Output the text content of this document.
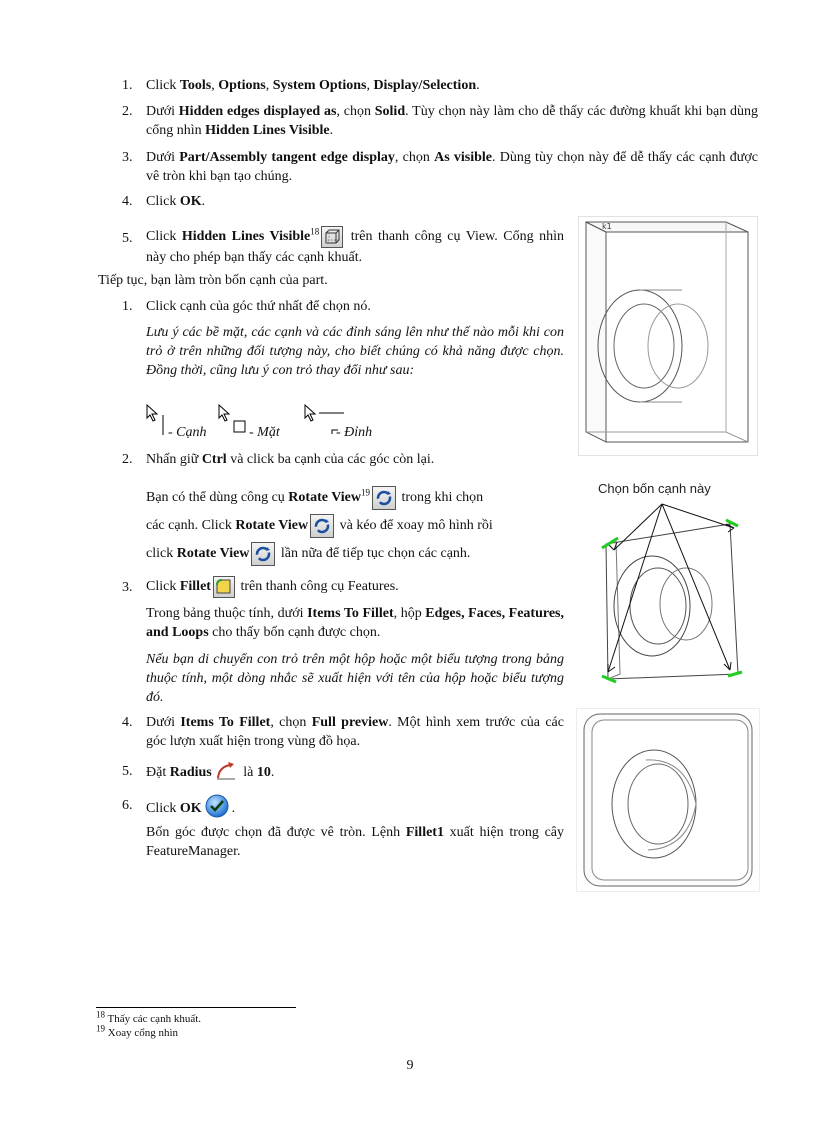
1. Click Tools, Options, System Options, Display/Selection.
2. Dưới Hidden edges displayed as, chọn Solid. Tùy chọn này làm cho dễ thấy các đường khuất khi bạn dùng cổng nhìn Hidden Lines Visible.
3. Dưới Part/Assembly tangent edge display, chọn As visible. Dùng tùy chọn này để dễ thấy các cạnh được vê tròn khi bạn tạo chúng.
4. Click OK.
5. Click Hidden Lines Visible$^{18}$
trên thanh công cụ View. Cổng nhìn này cho phép bạn thấy các cạnh khuất.
Tiếp tục, bạn làm tròn bốn cạnh của part.
1. Click cạnh của góc thứ nhất để chọn nó.
Lưu ý các bề mặt, các cạnh và các đỉnh sáng lên như thế nào mỗi khi con trỏ ở trên những đối tượng này, cho biết chúng có khả năng được chọn. Đồng thời, cũng lưu ý con trỏ thay đổi như sau:
- Cạnh	- Mặt	- Đỉnh
2. Nhấn giữ Ctrl và click ba cạnh của các góc còn lại.
Bạn có thể dùng công cụ Rotate View$^{19}$
trong khi chọn
các cạnh. Click Rotate View
và kéo để xoay mô hình rồi
click Rotate View
lần nữa để tiếp tục chọn các cạnh.
3. Click Fillet
trên thanh công cụ Features.
Trong bảng thuộc tính, dưới Items To Fillet, hộp Edges, Faces, Features, and Loops cho thấy bốn cạnh được chọn.
Nếu bạn di chuyển con trỏ trên một hộp hoặc một biểu tượng trong bảng thuộc tính, một dòng nhắc sẽ xuất hiện với tên của hộp hoặc biểu tượng đó.
4. Dưới Items To Fillet, chọn Full preview. Một hình xem trước của các góc lượn xuất hiện trong vùng đồ họa.
5. Đặt Radius là 10.
6. Click OK .
Bốn góc được chọn đã được vê tròn. Lệnh Fillet1 xuất hiện trong cây FeatureManager.
k1
Chọn bốn cạnh này
$^{18}$ Thấy các cạnh khuất.
$^{19}$ Xoay cổng nhìn
9
